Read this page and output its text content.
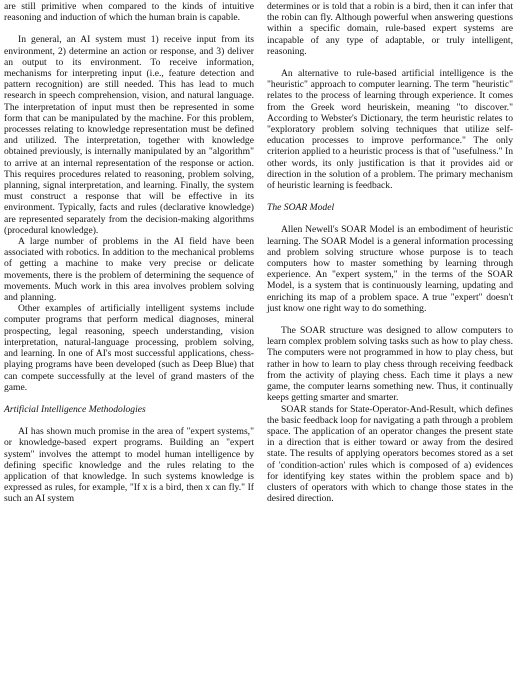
are still primitive when compared to the kinds of intuitive reasoning and induction of which the human brain is capable.

In general, an AI system must 1) receive input from its environment, 2) determine an action or response, and 3) deliver an output to its environment. To receive information, mechanisms for interpreting input (i.e., feature detection and pattern recognition) are still needed. This has lead to much research in speech comprehension, vision, and natural language. The interpretation of input must then be represented in some form that can be manipulated by the machine. For this problem, processes relating to knowledge representation must be defined and utilized. The interpretation, together with knowledge obtained previously, is internally manipulated by an "algorithm" to arrive at an internal representation of the response or action. This requires procedures related to reasoning, problem solving, planning, signal interpretation, and learning. Finally, the system must construct a response that will be effective in its environment. Typically, facts and rules (declarative knowledge) are represented separately from the decision-making algorithms (procedural knowledge).

A large number of problems in the AI field have been associated with robotics. In addition to the mechanical problems of getting a machine to make very precise or delicate movements, there is the problem of determining the sequence of movements. Much work in this area involves problem solving and planning.

Other examples of artificially intelligent systems include computer programs that perform medical diagnoses, mineral prospecting, legal reasoning, speech understanding, vision interpretation, natural-language processing, problem solving, and learning. In one of AI's most successful applications, chess-playing programs have been developed (such as Deep Blue) that can compete successfully at the level of grand masters of the game.

Artificial Intelligence Methodologies

AI has shown much promise in the area of "expert systems," or knowledge-based expert programs. Building an "expert system" involves the attempt to model human intelligence by defining specific knowledge and the rules relating to the application of that knowledge. In such systems knowledge is expressed as rules, for example, "If x is a bird, then x can fly." If such an AI system

determines or is told that a robin is a bird, then it can infer that the robin can fly. Although powerful when answering questions within a specific domain, rule-based expert systems are incapable of any type of adaptable, or truly intelligent, reasoning.

An alternative to rule-based artificial intelligence is the "heuristic" approach to computer learning. The term "heuristic" relates to the process of learning through experience. It comes from the Greek word heuriskein, meaning "to discover." According to Webster's Dictionary, the term heuristic relates to "exploratory problem solving techniques that utilize self-education processes to improve performance." The only criterion applied to a heuristic process is that of "usefulness." In other words, its only justification is that it provides aid or direction in the solution of a problem. The primary mechanism of heuristic learning is feedback.

The SOAR Model

Allen Newell's SOAR Model is an embodiment of heuristic learning. The SOAR Model is a general information processing and problem solving structure whose purpose is to teach computers how to master something by learning through experience. An "expert system," in the terms of the SOAR Model, is a system that is continuously learning, updating and enriching its map of a problem space. A true "expert" doesn't just know one right way to do something.

The SOAR structure was designed to allow computers to learn complex problem solving tasks such as how to play chess. The computers were not programmed in how to play chess, but rather in how to learn to play chess through receiving feedback from the activity of playing chess. Each time it plays a new game, the computer learns something new. Thus, it continually keeps getting smarter and smarter.

SOAR stands for State-Operator-And-Result, which defines the basic feedback loop for navigating a path through a problem space. The application of an operator changes the present state in a direction that is either toward or away from the desired state. The results of applying operators becomes stored as a set of 'condition-action' rules which is composed of a) evidences for identifying key states within the problem space and b) clusters of operators with which to change those states in the desired direction.
